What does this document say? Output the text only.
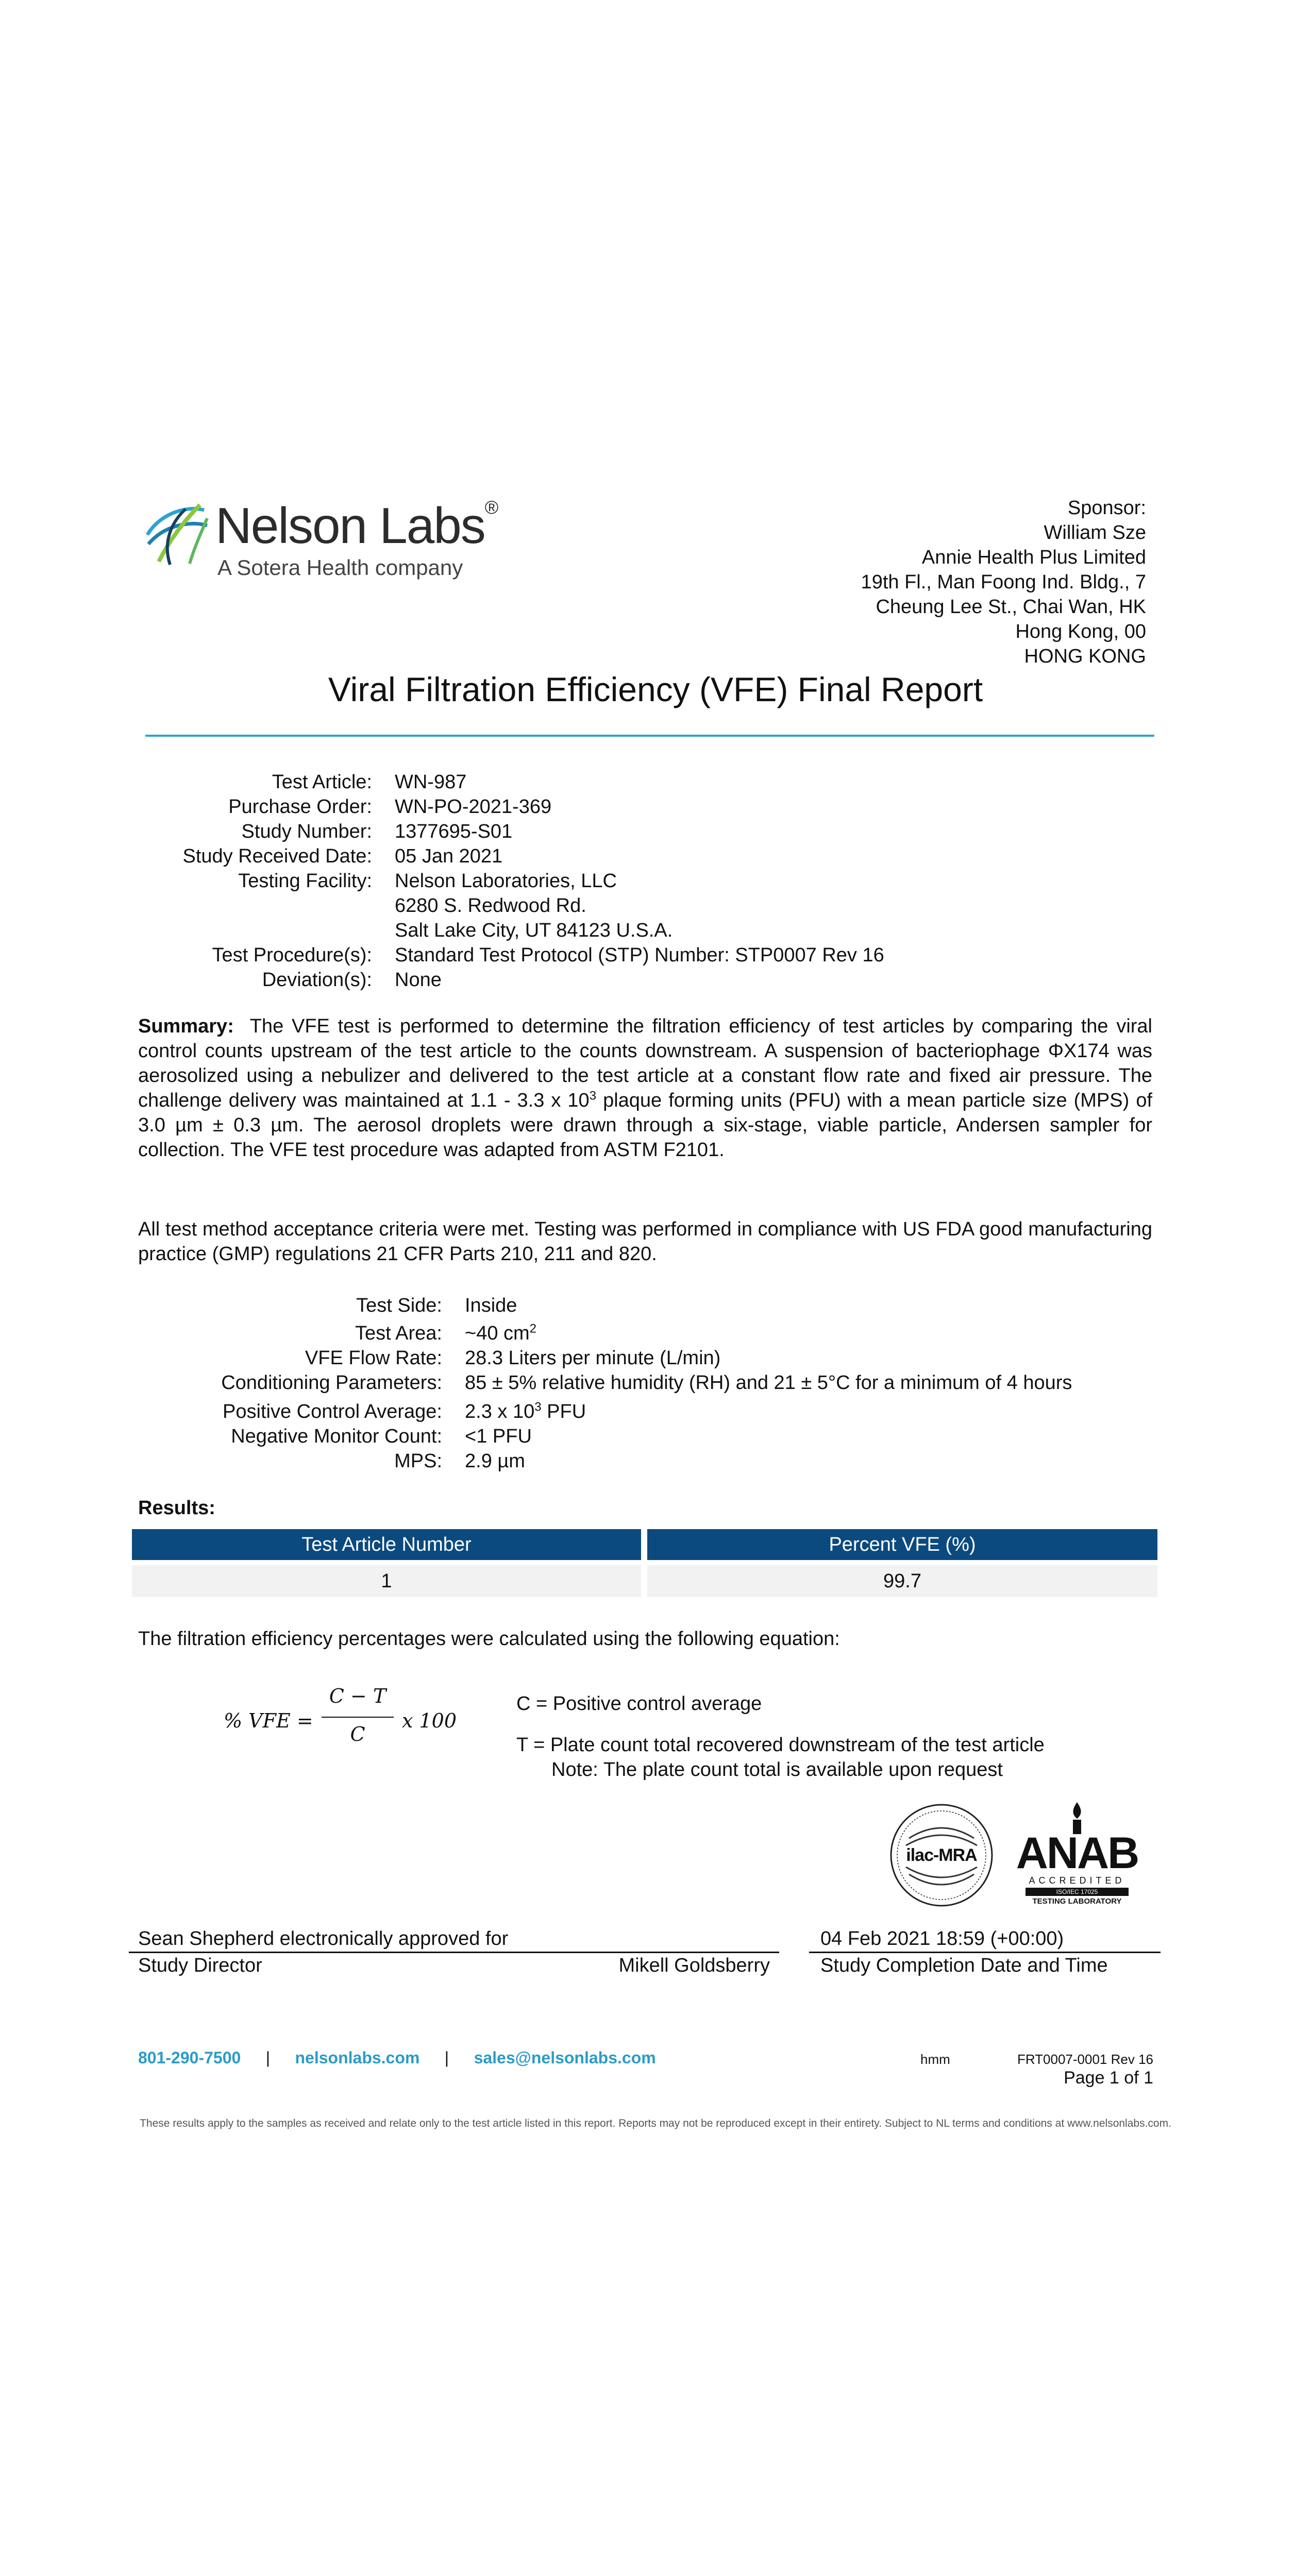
Nelson Labs®
A Sotera Health company
Sponsor:
William Sze
Annie Health Plus Limited
19th Fl., Man Foong Ind. Bldg., 7
Cheung Lee St., Chai Wan, HK
Hong Kong, 00
HONG KONG
Viral Filtration Efficiency (VFE) Final Report
Test Article:	WN-987
Purchase Order:	WN-PO-2021-369
Study Number:	1377695-S01
Study Received Date:	05 Jan 2021
Testing Facility:	Nelson Laboratories, LLC
	6280 S. Redwood Rd.
	Salt Lake City, UT 84123 U.S.A.
Test Procedure(s):	Standard Test Protocol (STP) Number: STP0007 Rev 16
Deviation(s):	None
Summary: The VFE test is performed to determine the filtration efficiency of test articles by comparing the viral control counts upstream of the test article to the counts downstream. A suspension of bacteriophage ΦX174 was aerosolized using a nebulizer and delivered to the test article at a constant flow rate and fixed air pressure. The challenge delivery was maintained at 1.1 - 3.3 x $10^3$ plaque forming units (PFU) with a mean particle size (MPS) of 3.0 µm ± 0.3 µm. The aerosol droplets were drawn through a six-stage, viable particle, Andersen sampler for collection. The VFE test procedure was adapted from ASTM F2101.
All test method acceptance criteria were met. Testing was performed in compliance with US FDA good manufacturing practice (GMP) regulations 21 CFR Parts 210, 211 and 820.
Test Side:	Inside
Test Area:	~40 $cm^2$
VFE Flow Rate:	28.3 Liters per minute (L/min)
Conditioning Parameters:	85 ± 5% relative humidity (RH) and 21 ± 5°C for a minimum of 4 hours
Positive Control Average:	2.3 x $10^3$ PFU
Negative Monitor Count:	<1 PFU
MPS:	2.9 µm
Results:
Test Article Number	Percent VFE (%)
1	99.7
The filtration efficiency percentages were calculated using the following equation:
% VFE =
C − T
C
x 100
C = Positive control average
T = Plate count total recovered downstream of the test article
Note: The plate count total is available upon request
ilac-MRA ANAB
ACCREDITED
ISO/IEC 17025
TESTING LABORATORY
Sean Shepherd electronically approved for
Study Director	Mikell Goldsberry
04 Feb 2021 18:59 (+00:00)
Study Completion Date and Time
801-290-7500 | nelsonlabs.com | sales@nelsonlabs.com	hmm	FRT0007-0001 Rev 16
Page 1 of 1
These results apply to the samples as received and relate only to the test article listed in this report. Reports may not be reproduced except in their entirety. Subject to NL terms and conditions at www.nelsonlabs.com.
